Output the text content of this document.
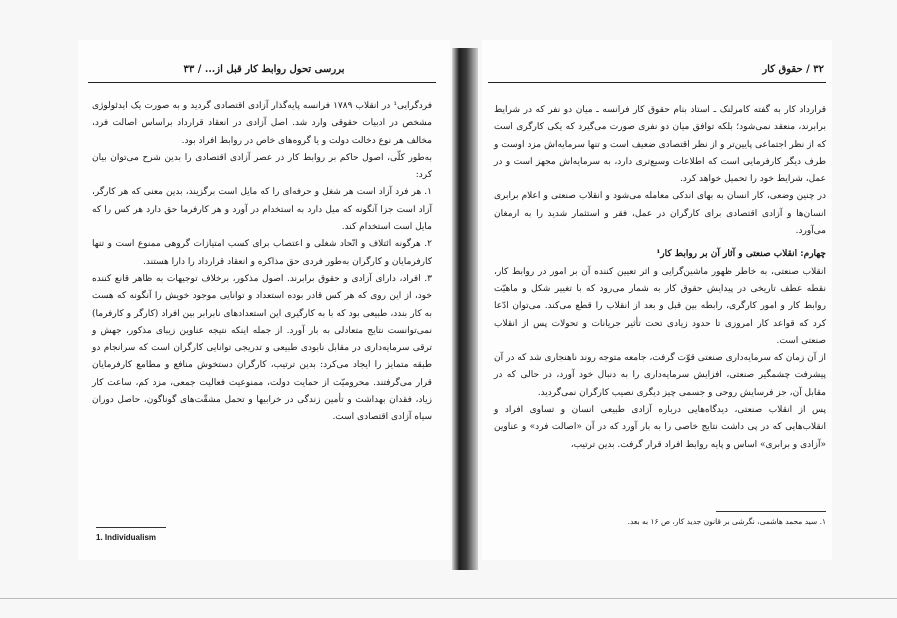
بررسی تحول روابط کار قبل از... / ۳۳

فردگرایی¹ در انقلاب ۱۷۸۹ فرانسه پایه‌گذار آزادی اقتصادی گردید و به صورت یک ایدئولوژی مشخص در ادبیات حقوقی وارد شد. اصل آزادی در انعقاد قرارداد براساس اصالت فرد، مخالف هر نوع دخالت دولت و یا گروه‌های خاص در روابط افراد بود.

به‌طور کلّی، اصول حاکم بر روابط کار در عصر آزادی اقتصادی را بدین شرح می‌توان بیان کرد:

۱. هر فرد آزاد است هر شغل و حرفه‌ای را که مایل است برگزیند، بدین معنی که هر کارگر، آزاد است جزا آنگونه که میل دارد به استخدام در آورد و هر کارفرما حق دارد هر کس را که مایل است استخدام کند.

۲. هرگونه ائتلاف و اتّحاد شغلی و اعتصاب برای کسب امتیازات گروهی ممنوع است و تنها کارفرمایان و کارگران به‌طور فردی حق مذاکره و انعقاد قرارداد را دارا هستند.

۳. افراد، دارای آزادی و حقوق برابرند. اصول مذکور، برخلاف توجیهات به ظاهر قانع کننده خود، از این روی که هر کس قادر بوده استعداد و توانایی موجود خویش را آنگونه که هست به کار بندد، طبیعی بود که با به کارگیری این استعدادهای نابرابر بین افراد (کارگر و کارفرما) نمی‌توانست نتایج متعادلی به بار آورد. از جمله اینکه نتیجه عناوین زیبای مذکور، جهش و ترقی سرمایه‌داری در مقابل نابودی طبیعی و تدریجی توانایی کارگران است که سرانجام دو طبقه متمایز را ایجاد می‌کرد: بدین ترتیب، کارگران دستخوش منافع و مطامع کارفرمایان قرار می‌گرفتند. محرومیّت از حمایت دولت، ممنوعیت فعالیت جمعی، مزد کم، ساعت کار زیاد، فقدان بهداشت و تأمین زندگی در خرابیها و تحمل مشقّت‌های گوناگون، حاصل دوران سیاه آزادی اقتصادی است.

1. Individualism
۳۲ / حقوق کار

قرارداد کار به گفته کامرلنک ـ استاد بنام حقوق کار فرانسه ـ میان دو نفر که در شرایط برابرند، منعقد نمی‌شود؛ بلکه توافق میان دو نفری صورت می‌گیرد که یکی کارگری است که از نظر اجتماعی پایین‌تر و از نظر اقتصادی ضعیف است و تنها سرمایه‌اش مزد اوست و طرف دیگر کارفرمایی است که اطلاعات وسیع‌تری دارد، به سرمایه‌اش مجهز است و در عمل، شرایط خود را تحمیل خواهد کرد.

در چنین وضعی، کار انسان به بهای اندکی معامله می‌شود و انقلاب صنعتی و اعلام برابری انسان‌ها و آزادی اقتصادی برای کارگران در عمل، فقر و استثمار شدید را به ارمغان می‌آورد.

چهارم: انقلاب صنعتی و آثار آن بر روابط کار¹

انقلاب صنعتی، به خاطر ظهور ماشین‌گرایی و اثر تعیین کننده آن بر امور در روابط کار، نقطه عطف تاریخی در پیدایش حقوق کار به شمار می‌رود که با تغییر شکل و ماهیّت روابط کار و امور کارگری، رابطه بین قبل و بعد از انقلاب را قطع می‌کند. می‌توان ادّعا کرد که قواعد کار امروزی تا حدود زیادی تحت تأثیر جریانات و تحولات پس از انقلاب صنعتی است.

از آن زمان که سرمایه‌داری صنعتی قوّت گرفت، جامعه متوجه روند ناهنجاری شد که در آن پیشرفت چشمگیر صنعتی، افزایش سرمایه‌داری را به دنبال خود آورد، در حالی که در مقابل آن، جز فرسایش روحی و جسمی چیز دیگری نصیب کارگران نمی‌گردید.

پس از انقلاب صنعتی، دیدگاه‌هایی درباره آزادی طبیعی انسان و تساوی افراد و انقلاب‌هایی که در پی داشت نتایج خاصی را به بار آورد که در آن «اصالت فرد» و عناوین «آزادی و برابری» اساس و پایه روابط افراد قرار گرفت. بدین ترتیب،

۱. سید محمد هاشمی، نگرشی بر قانون جدید کار، ص ۱۶ به بعد.
